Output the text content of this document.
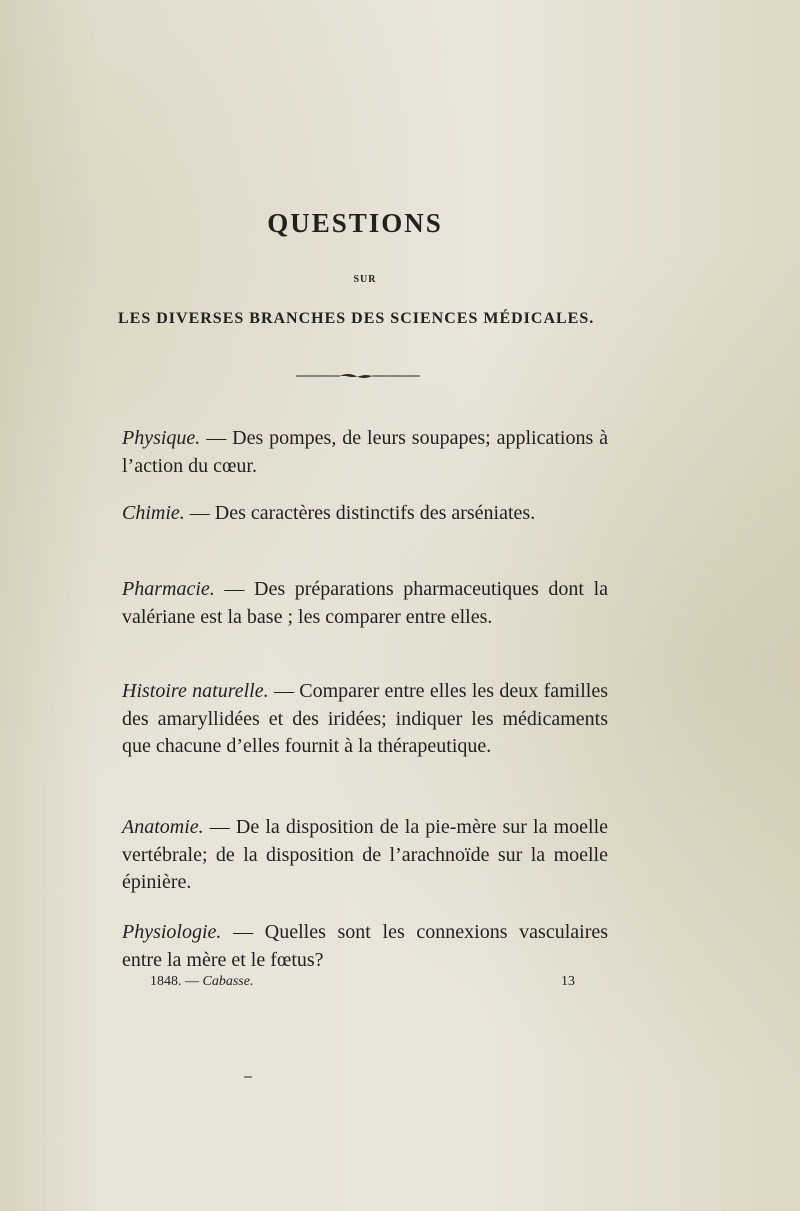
QUESTIONS
SUR
LES DIVERSES BRANCHES DES SCIENCES MÉDICALES.
Physique. — Des pompes, de leurs soupapes; applications à l’action du cœur.
Chimie. — Des caractères distinctifs des arséniates.
Pharmacie. — Des préparations pharmaceutiques dont la valériane est la base ; les comparer entre elles.
Histoire naturelle. — Comparer entre elles les deux familles des amaryllidées et des iridées; indiquer les médicaments que chacune d’elles fournit à la thérapeutique.
Anatomie. — De la disposition de la pie-mère sur la moelle vertébrale; de la disposition de l’arachnoïde sur la moelle épinière.
Physiologie. — Quelles sont les connexions vasculaires entre la mère et le fœtus?
1848. — Cabasse.	13
